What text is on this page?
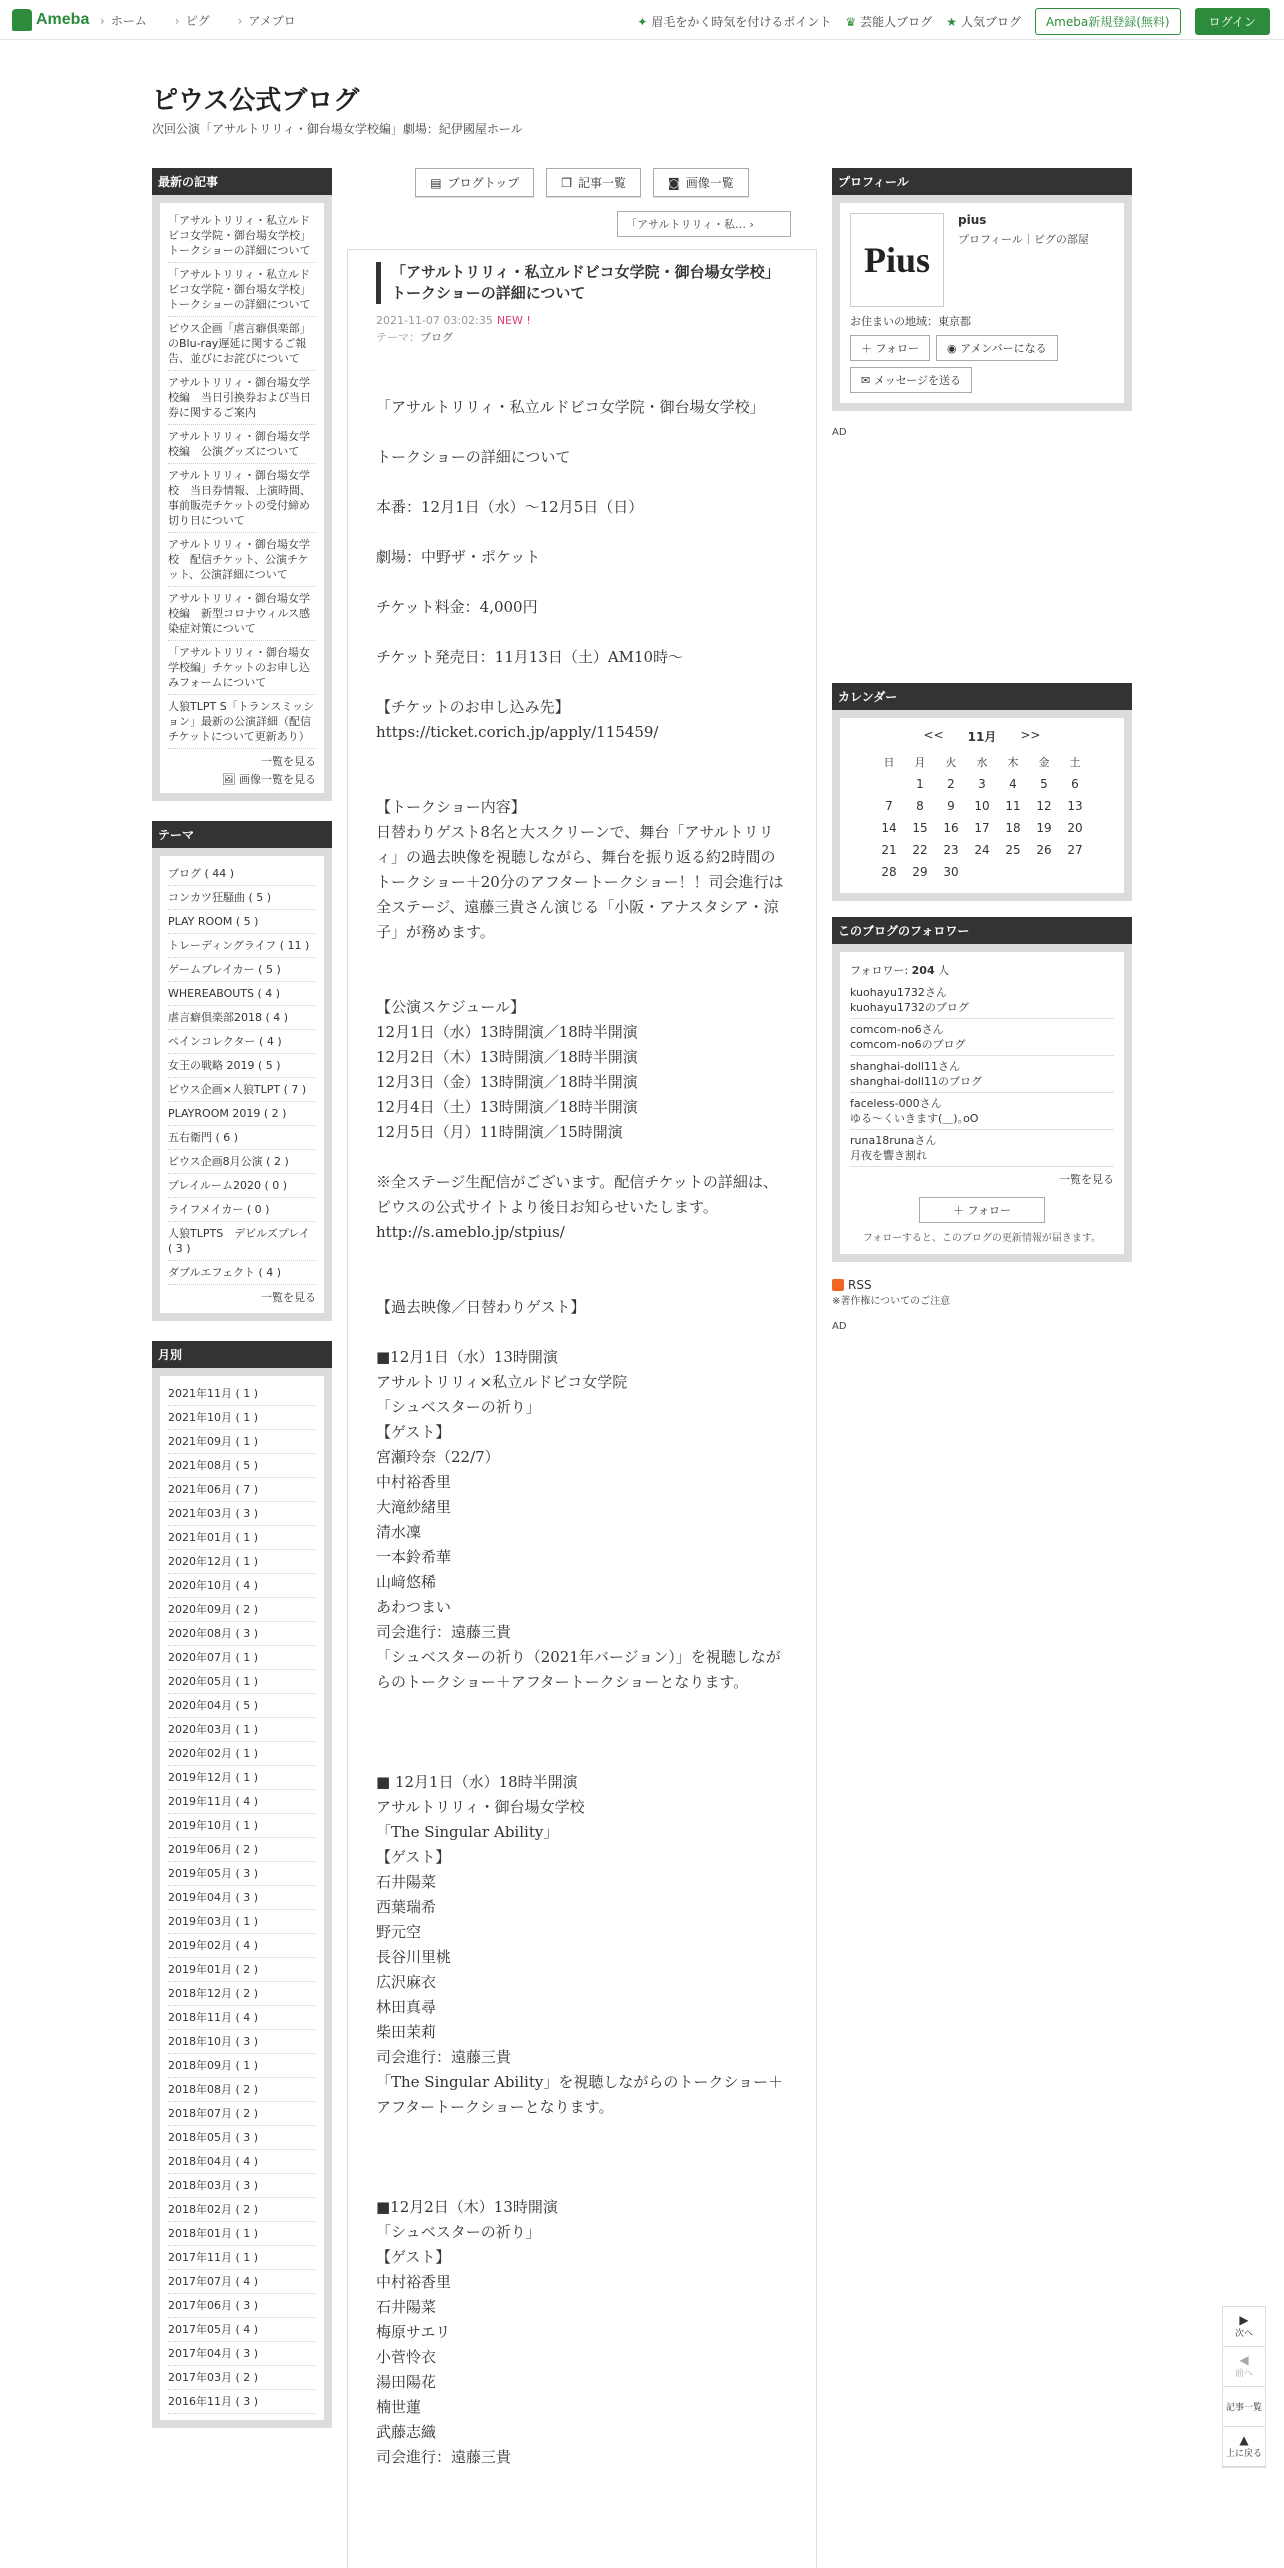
Ameba	› ホーム	› ピグ	› アメブロ	✦ 眉毛をかく時気を付けるポイント ♛ 芸能人ブログ ★ 人気ブログ	Ameba新規登録(無料)	ログイン
ピウス公式ブログ
次回公演「アサルトリリィ・御台場女学校編」劇場：紀伊國屋ホール
最新の記事
「アサルトリリィ・私立ルドビコ女学院・御台場女学校」トークショーの詳細について
「アサルトリリィ・私立ルドビコ女学院・御台場女学校」トークショーの詳細について
ピウス企画「虐言癖倶楽部」のBlu-ray遅延に関するご報告、並びにお詫びについて
アサルトリリィ・御台場女学校編　当日引換券および当日券に関するご案内
アサルトリリィ・御台場女学校編　公演グッズについて
アサルトリリィ・御台場女学校　当日券情報、上演時間、事前販売チケットの受付締め切り日について
アサルトリリィ・御台場女学校　配信チケット、公演チケット、公演詳細について
アサルトリリィ・御台場女学校編　新型コロナウィルス感染症対策について
「アサルトリリィ・御台場女学校編」チケットのお申し込みフォームについて
人狼TLPT S「トランスミッション」最新の公演詳細（配信チケットについて更新あり）
一覧を見る
🖼 画像一覧を見る
テーマ
ブログ ( 44 )
コンカツ狂騒曲 ( 5 )
PLAY ROOM ( 5 )
トレーディングライフ ( 11 )
ゲームブレイカー ( 5 )
WHEREABOUTS ( 4 )
虐言癖倶楽部2018 ( 4 )
ペインコレクター ( 4 )
女王の戦略 2019 ( 5 )
ピウス企画×人狼TLPT ( 7 )
PLAYROOM 2019 ( 2 )
五右衛門 ( 6 )
ピウス企画8月公演 ( 2 )
プレイルーム2020 ( 0 )
ライフメイカー ( 0 )
人狼TLPTS　デビルズプレイ ( 3 )
ダブルエフェクト ( 4 )
一覧を見る
月別
2021年11月 ( 1 )
2021年10月 ( 1 )
2021年09月 ( 1 )
2021年08月 ( 5 )
2021年06月 ( 7 )
2021年03月 ( 3 )
2021年01月 ( 1 )
2020年12月 ( 1 )
2020年10月 ( 4 )
2020年09月 ( 2 )
2020年08月 ( 3 )
2020年07月 ( 1 )
2020年05月 ( 1 )
2020年04月 ( 5 )
2020年03月 ( 1 )
2020年02月 ( 1 )
2019年12月 ( 1 )
2019年11月 ( 4 )
2019年10月 ( 1 )
2019年06月 ( 2 )
2019年05月 ( 3 )
2019年04月 ( 3 )
2019年03月 ( 1 )
2019年02月 ( 4 )
2019年01月 ( 2 )
2018年12月 ( 2 )
2018年11月 ( 4 )
2018年10月 ( 3 )
2018年09月 ( 1 )
2018年08月 ( 2 )
2018年07月 ( 2 )
2018年05月 ( 3 )
2018年04月 ( 4 )
2018年03月 ( 3 )
2018年02月 ( 2 )
2018年01月 ( 1 )
2017年11月 ( 1 )
2017年07月 ( 4 )
2017年06月 ( 3 )
2017年05月 ( 4 )
2017年04月 ( 3 )
2017年03月 ( 2 )
2016年11月 ( 3 )
▤ ブログトップ	❐ 記事一覧	◙ 画像一覧
「アサルトリリィ・私… ›
「アサルトリリィ・私立ルドビコ女学院・御台場女学校」トークショーの詳細について
2021-11-07 03:02:35 NEW !
テーマ：ブログ

「アサルトリリィ・私立ルドビコ女学院・御台場女学校」

トークショーの詳細について

本番：12月1日（水）〜12月5日（日）

劇場：中野ザ・ポケット

チケット料金：4,000円

チケット発売日：11月13日（土）AM10時〜

【チケットのお申し込み先】

https://ticket.corich.jp/apply/115459/

【トークショー内容】

日替わりゲスト8名と大スクリーンで、舞台「アサルトリリィ」の過去映像を視聴しながら、舞台を振り返る約2時間のトークショー＋20分のアフタートークショー！！司会進行は全ステージ、遠藤三貴さん演じる「小阪・アナスタシア・涼子」が務めます。

【公演スケジュール】

12月1日（水）13時開演／18時半開演

12月2日（木）13時開演／18時半開演

12月3日（金）13時開演／18時半開演

12月4日（土）13時開演／18時半開演

12月5日（月）11時開演／15時開演

※全ステージ生配信がございます。配信チケットの詳細は、ピウスの公式サイトより後日お知らせいたします。http://s.ameblo.jp/stpius/

【過去映像／日替わりゲスト】

■12月1日（水）13時開演

アサルトリリィ×私立ルドビコ女学院

「シュベスターの祈り」

【ゲスト】

宮瀬玲奈（22/7）

中村裕香里

大滝紗緒里

清水凜

一本鈴希華

山﨑悠稀

あわつまい

司会進行：遠藤三貴

「シュベスターの祈り（2021年バージョン）」を視聴しながらのトークショー＋アフタートークショーとなります。

■ 12月1日（水）18時半開演

アサルトリリィ・御台場女学校

「The Singular Ability」

【ゲスト】

石井陽菜

西葉瑞希

野元空

長谷川里桃

広沢麻衣

林田真尋

柴田茉莉

司会進行：遠藤三貴

「The Singular Ability」を視聴しながらのトークショー＋アフタートークショーとなります。

■12月2日（木）13時開演

「シュベスターの祈り」

【ゲスト】

中村裕香里

石井陽菜

梅原サエリ

小菅怜衣

湯田陽花

楠世蓮

武藤志織

司会進行：遠藤三貴

プロフィール
Pius
pius
プロフィール｜ピグの部屋
お住まいの地域：東京都
＋ フォロー	◉ アメンバーになる
✉ メッセージを送る
AD
カレンダー
<< 11月 >>
日	月	火	水	木	金	土
	1	2	3	4	5	6
7	8	9	10	11	12	13
14	15	16	17	18	19	20
21	22	23	24	25	26	27
28	29	30				
このブログのフォロワー
フォロワー: 204 人
kuohayu1732さん
kuohayu1732のブログ
comcom-no6さん
comcom-no6のブログ
shanghai-doll11さん
shanghai-doll11のブログ
faceless-000さん
ゆる～くいきます(＿)｡oO
runa18runaさん
月夜を響き割れ
一覧を見る
＋ フォロー
フォローすると、このブログの更新情報が届きます。
RSS
※著作権についてのご注意
AD
▶
次へ
◀
前へ
記事一覧
▲
上に戻る
